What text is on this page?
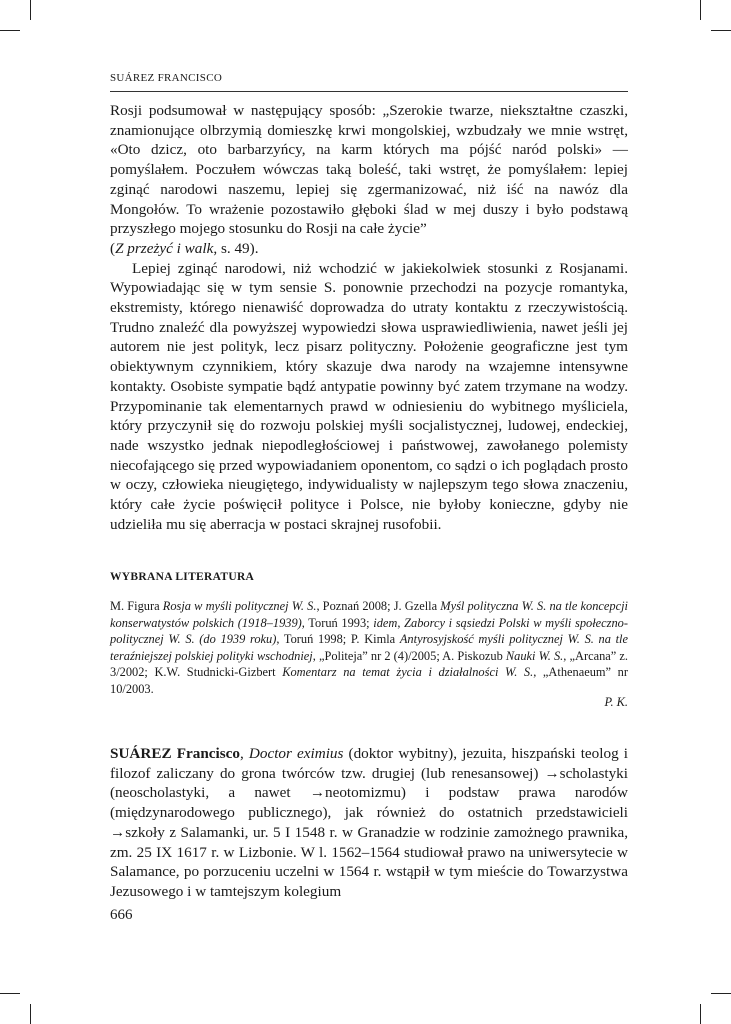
SUÁREZ FRANCISCO

Rosji podsumował w następujący sposób: „Szerokie twarze, niekształtne czaszki, znamionujące olbrzymią domieszkę krwi mongolskiej, wzbudzały we mnie wstręt, «Oto dzicz, oto barbarzyńcy, na karm których ma pójść naród polski» — pomyślałem. Poczułem wówczas taką boleść, taki wstręt, że pomyślałem: lepiej zginąć narodowi naszemu, lepiej się zgermanizować, niż iść na nawóz dla Mongołów. To wrażenie pozostawiło głęboki ślad w mej duszy i było podstawą przyszłego mojego stosunku do Rosji na całe życie”
(Z przeżyć i walk, s. 49).

Lepiej zginąć narodowi, niż wchodzić w jakiekolwiek stosunki z Rosjanami. Wypowiadając się w tym sensie S. ponownie przechodzi na pozycje romantyka, ekstremisty, którego nienawiść doprowadza do utraty kontaktu z rzeczywistością. Trudno znaleźć dla powyższej wypowiedzi słowa usprawiedliwienia, nawet jeśli jej autorem nie jest polityk, lecz pisarz polityczny. Położenie geograficzne jest tym obiektywnym czynnikiem, który skazuje dwa narody na wzajemne intensywne kontakty. Osobiste sympatie bądź antypatie powinny być zatem trzymane na wodzy. Przypominanie tak elementarnych prawd w odniesieniu do wybitnego myśliciela, który przyczynił się do rozwoju polskiej myśli socjalistycznej, ludowej, endeckiej, nade wszystko jednak niepodległościowej i państwowej, zawołanego polemisty niecofającego się przed wypowiadaniem oponentom, co sądzi o ich poglądach prosto w oczy, człowieka nieugiętego, indywidualisty w najlepszym tego słowa znaczeniu, który całe życie poświęcił polityce i Polsce, nie byłoby konieczne, gdyby nie udzieliła mu się aberracja w postaci skrajnej rusofobii.

WYBRANA LITERATURA
M. Figura Rosja w myśli politycznej W. S., Poznań 2008; J. Gzella Myśl polityczna W. S. na tle koncepcji konserwatystów polskich (1918–1939), Toruń 1993; idem, Zaborcy i sąsiedzi Polski w myśli społeczno-politycznej W. S. (do 1939 roku), Toruń 1998; P. Kimla Antyrosyjskość myśli politycznej W. S. na tle teraźniejszej polskiej polityki wschodniej, „Politeja” nr 2 (4)/2005; A. Piskozub Nauki W. S., „Arcana” z. 3/2002; K.W. Studnicki-Gizbert Komentarz na temat życia i działalności W. S., „Athenaeum” nr 10/2003.
P. K.
SUÁREZ Francisco, Doctor eximius (doktor wybitny), jezuita, hiszpański teolog i filozof zaliczany do grona twórców tzw. drugiej (lub renesansowej) →scholastyki (neoscholastyki, a nawet →neotomizmu) i podstaw prawa narodów (międzynarodowego publicznego), jak również do ostatnich przedstawicieli →szkoły z Salamanki, ur. 5 I 1548 r. w Granadzie w rodzinie zamożnego prawnika, zm. 25 IX 1617 r. w Lizbonie. W l. 1562–1564 studiował prawo na uniwersytecie w Salamance, po porzuceniu uczelni w 1564 r. wstąpił w tym mieście do Towarzystwa Jezusowego i w tamtejszym kolegium
666
